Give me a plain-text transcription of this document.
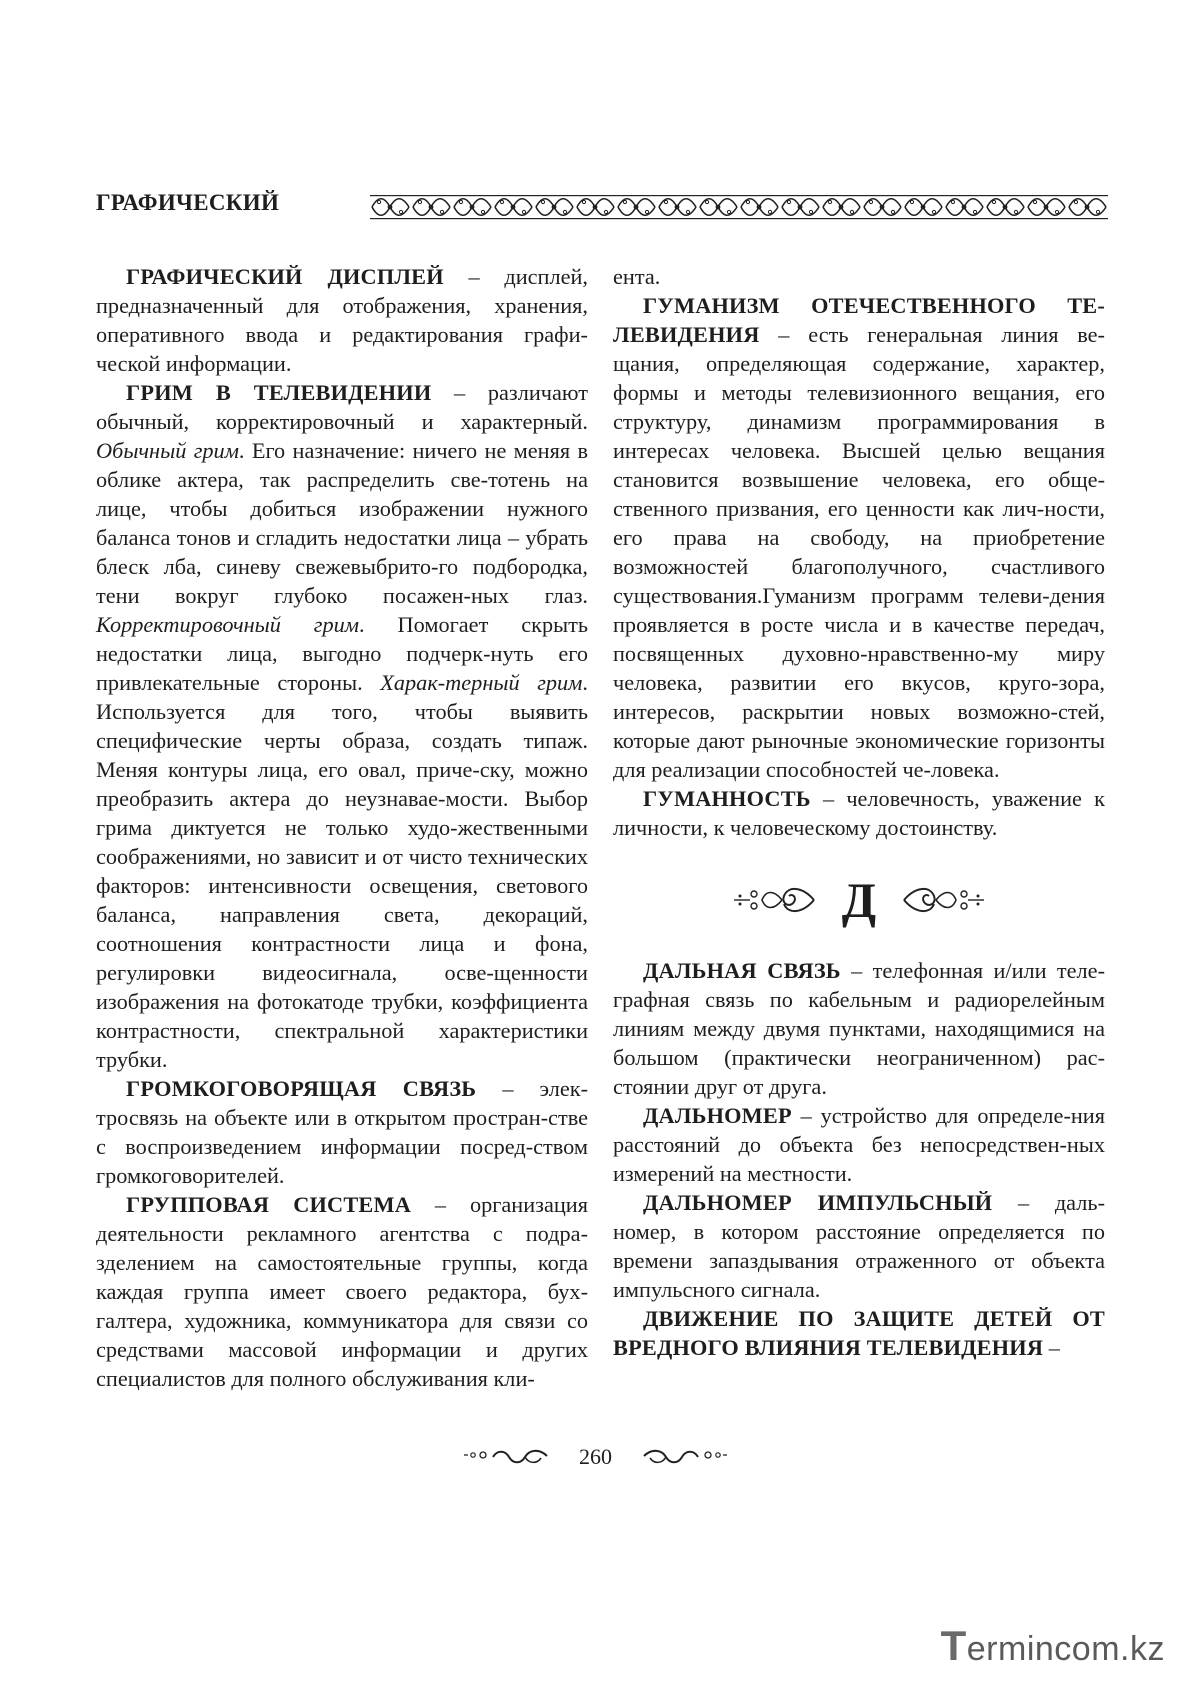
ГРАФИЧЕСКИЙ

ГРАФИЧЕСКИЙ ДИСПЛЕЙ – дисплей, предназначенный для отображения, хранения, оперативного ввода и редактирования графи-ческой информации.

ГРИМ В ТЕЛЕВИДЕНИИ – различают обычный, корректировочный и характерный. Обычный грим. Его назначение: ничего не меняя в облике актера, так распределить све-тотень на лице, чтобы добиться изображении нужного баланса тонов и сгладить недостатки лица – убрать блеск лба, синеву свежевыбрито-го подбородка, тени вокруг глубоко посажен-ных глаз. Корректировочный грим. Помогает скрыть недостатки лица, выгодно подчерк-нуть его привлекательные стороны. Харак-терный грим. Используется для того, чтобы выявить специфические черты образа, создать типаж. Меняя контуры лица, его овал, приче-ску, можно преобразить актера до неузнавае-мости. Выбор грима диктуется не только худо-жественными соображениями, но зависит и от чисто технических факторов: интенсивности освещения, светового баланса, направления света, декораций, соотношения контрастности лица и фона, регулировки видеосигнала, осве-щенности изображения на фотокатоде трубки, коэффициента контрастности, спектральной характеристики трубки.

ГРОМКОГОВОРЯЩАЯ СВЯЗЬ – элек-тросвязь на объекте или в открытом простран-стве с воспроизведением информации посред-ством громкоговорителей.

ГРУППОВАЯ СИСТЕМА – организация деятельности рекламного агентства с подра-зделением на самостоятельные группы, когда каждая группа имеет своего редактора, бух-галтера, художника, коммуникатора для связи со средствами массовой информации и других специалистов для полного обслуживания кли-

ента.

ГУМАНИЗМ ОТЕЧЕСТВЕННОГО ТЕ-ЛЕВИДЕНИЯ – есть генеральная линия ве-щания, определяющая содержание, характер, формы и методы телевизионного вещания, его структуру, динамизм программирования в интересах человека. Высшей целью вещания становится возвышение человека, его обще-ственного призвания, его ценности как лич-ности, его права на свободу, на приобретение возможностей благополучного, счастливого существования.Гуманизм программ телеви-дения проявляется в росте числа и в качестве передач, посвященных духовно-нравственно-му миру человека, развитии его вкусов, круго-зора, интересов, раскрытии новых возможно-стей, которые дают рыночные экономические горизонты для реализации способностей че-ловека.

ГУМАННОСТЬ – человечность, уважение к личности, к человеческому достоинству.

Д

ДАЛЬНАЯ СВЯЗЬ – телефонная и/или теле-графная связь по кабельным и радиорелейным линиям между двумя пунктами, находящимися на большом (практически неограниченном) рас-стоянии друг от друга.

ДАЛЬНОМЕР – устройство для определе-ния расстояний до объекта без непосредствен-ных измерений на местности.

ДАЛЬНОМЕР ИМПУЛЬСНЫЙ – даль-номер, в котором расстояние определяется по времени запаздывания отраженного от объекта импульсного сигнала.

ДВИЖЕНИЕ ПО ЗАЩИТЕ ДЕТЕЙ ОТ ВРЕДНОГО ВЛИЯНИЯ ТЕЛЕВИДЕНИЯ –

260
Termincom.kz
